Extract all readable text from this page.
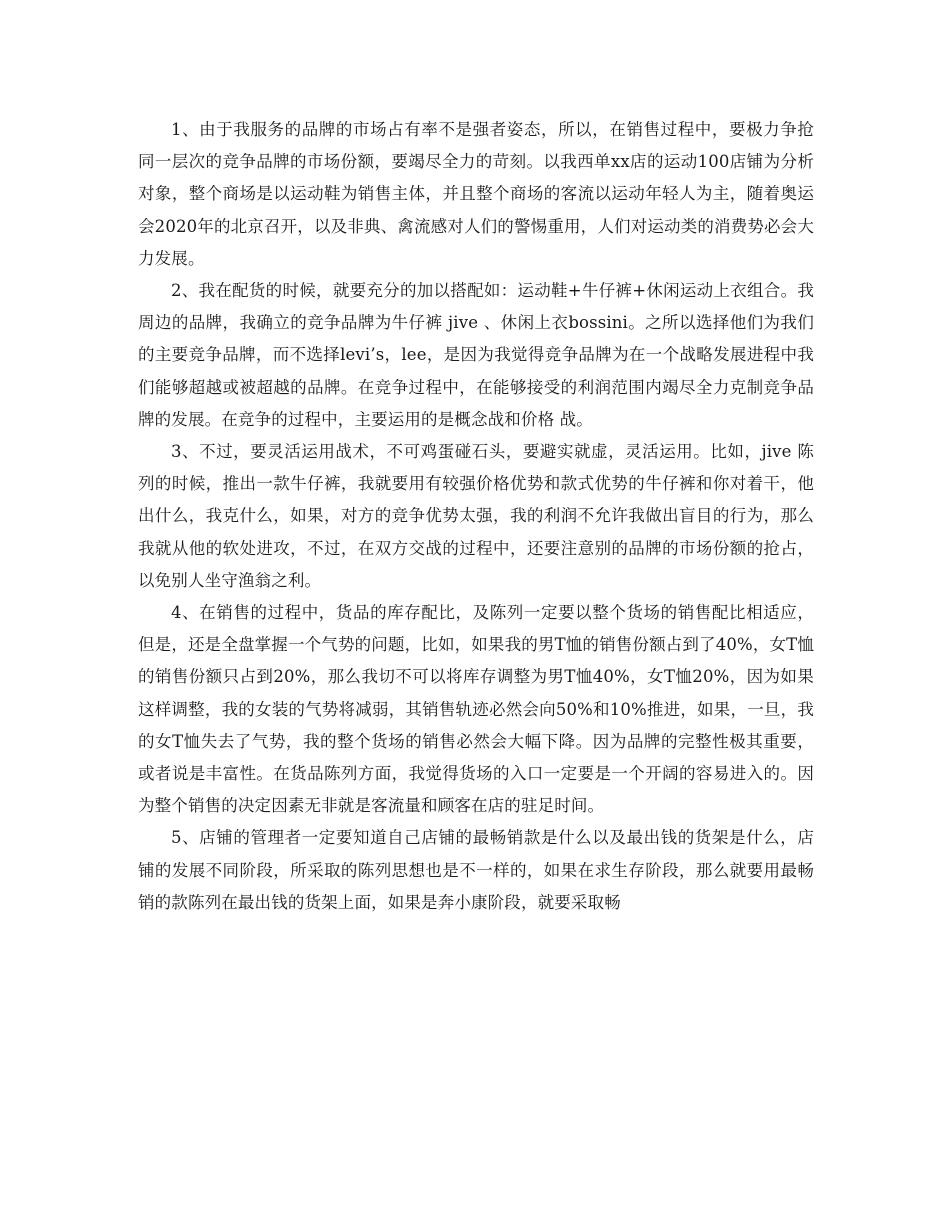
1、由于我服务的品牌的市场占有率不是强者姿态，所以，在销售过程中，要极力争抢同一层次的竞争品牌的市场份额，要竭尽全力的苛刻。以我西单xx店的运动100店铺为分析对象，整个商场是以运动鞋为销售主体，并且整个商场的客流以运动年轻人为主，随着奥运会2020年的北京召开，以及非典、禽流感对人们的警惕重用，人们对运动类的消费势必会大力发展。

2、我在配货的时候，就要充分的加以搭配如：运动鞋+牛仔裤+休闲运动上衣组合。我周边的品牌，我确立的竞争品牌为牛仔裤 jive 、休闲上衣bossini。之所以选择他们为我们的主要竞争品牌，而不选择levi’s，lee，是因为我觉得竞争品牌为在一个战略发展进程中我们能够超越或被超越的品牌。在竞争过程中，在能够接受的利润范围内竭尽全力克制竞争品牌的发展。在竞争的过程中，主要运用的是概念战和价格 战。

3、不过，要灵活运用战术，不可鸡蛋碰石头，要避实就虚，灵活运用。比如，jive 陈列的时候，推出一款牛仔裤，我就要用有较强价格优势和款式优势的牛仔裤和你对着干，他出什么，我克什么，如果，对方的竞争优势太强，我的利润不允许我做出盲目的行为，那么我就从他的软处进攻，不过，在双方交战的过程中，还要注意别的品牌的市场份额的抢占，以免别人坐守渔翁之利。

4、在销售的过程中，货品的库存配比，及陈列一定要以整个货场的销售配比相适应，但是，还是全盘掌握一个气势的问题，比如，如果我的男T恤的销售份额占到了40%，女T恤的销售份额只占到20%，那么我切不可以将库存调整为男T恤40%，女T恤20%，因为如果这样调整，我的女装的气势将减弱，其销售轨迹必然会向50%和10%推进，如果，一旦，我的女T恤失去了气势，我的整个货场的销售必然会大幅下降。因为品牌的完整性极其重要，或者说是丰富性。在货品陈列方面，我觉得货场的入口一定要是一个开阔的容易进入的。因为整个销售的决定因素无非就是客流量和顾客在店的驻足时间。

5、店铺的管理者一定要知道自己店铺的最畅销款是什么以及最出钱的货架是什么，店铺的发展不同阶段，所采取的陈列思想也是不一样的，如果在求生存阶段，那么就要用最畅销的款陈列在最出钱的货架上面，如果是奔小康阶段，就要采取畅
